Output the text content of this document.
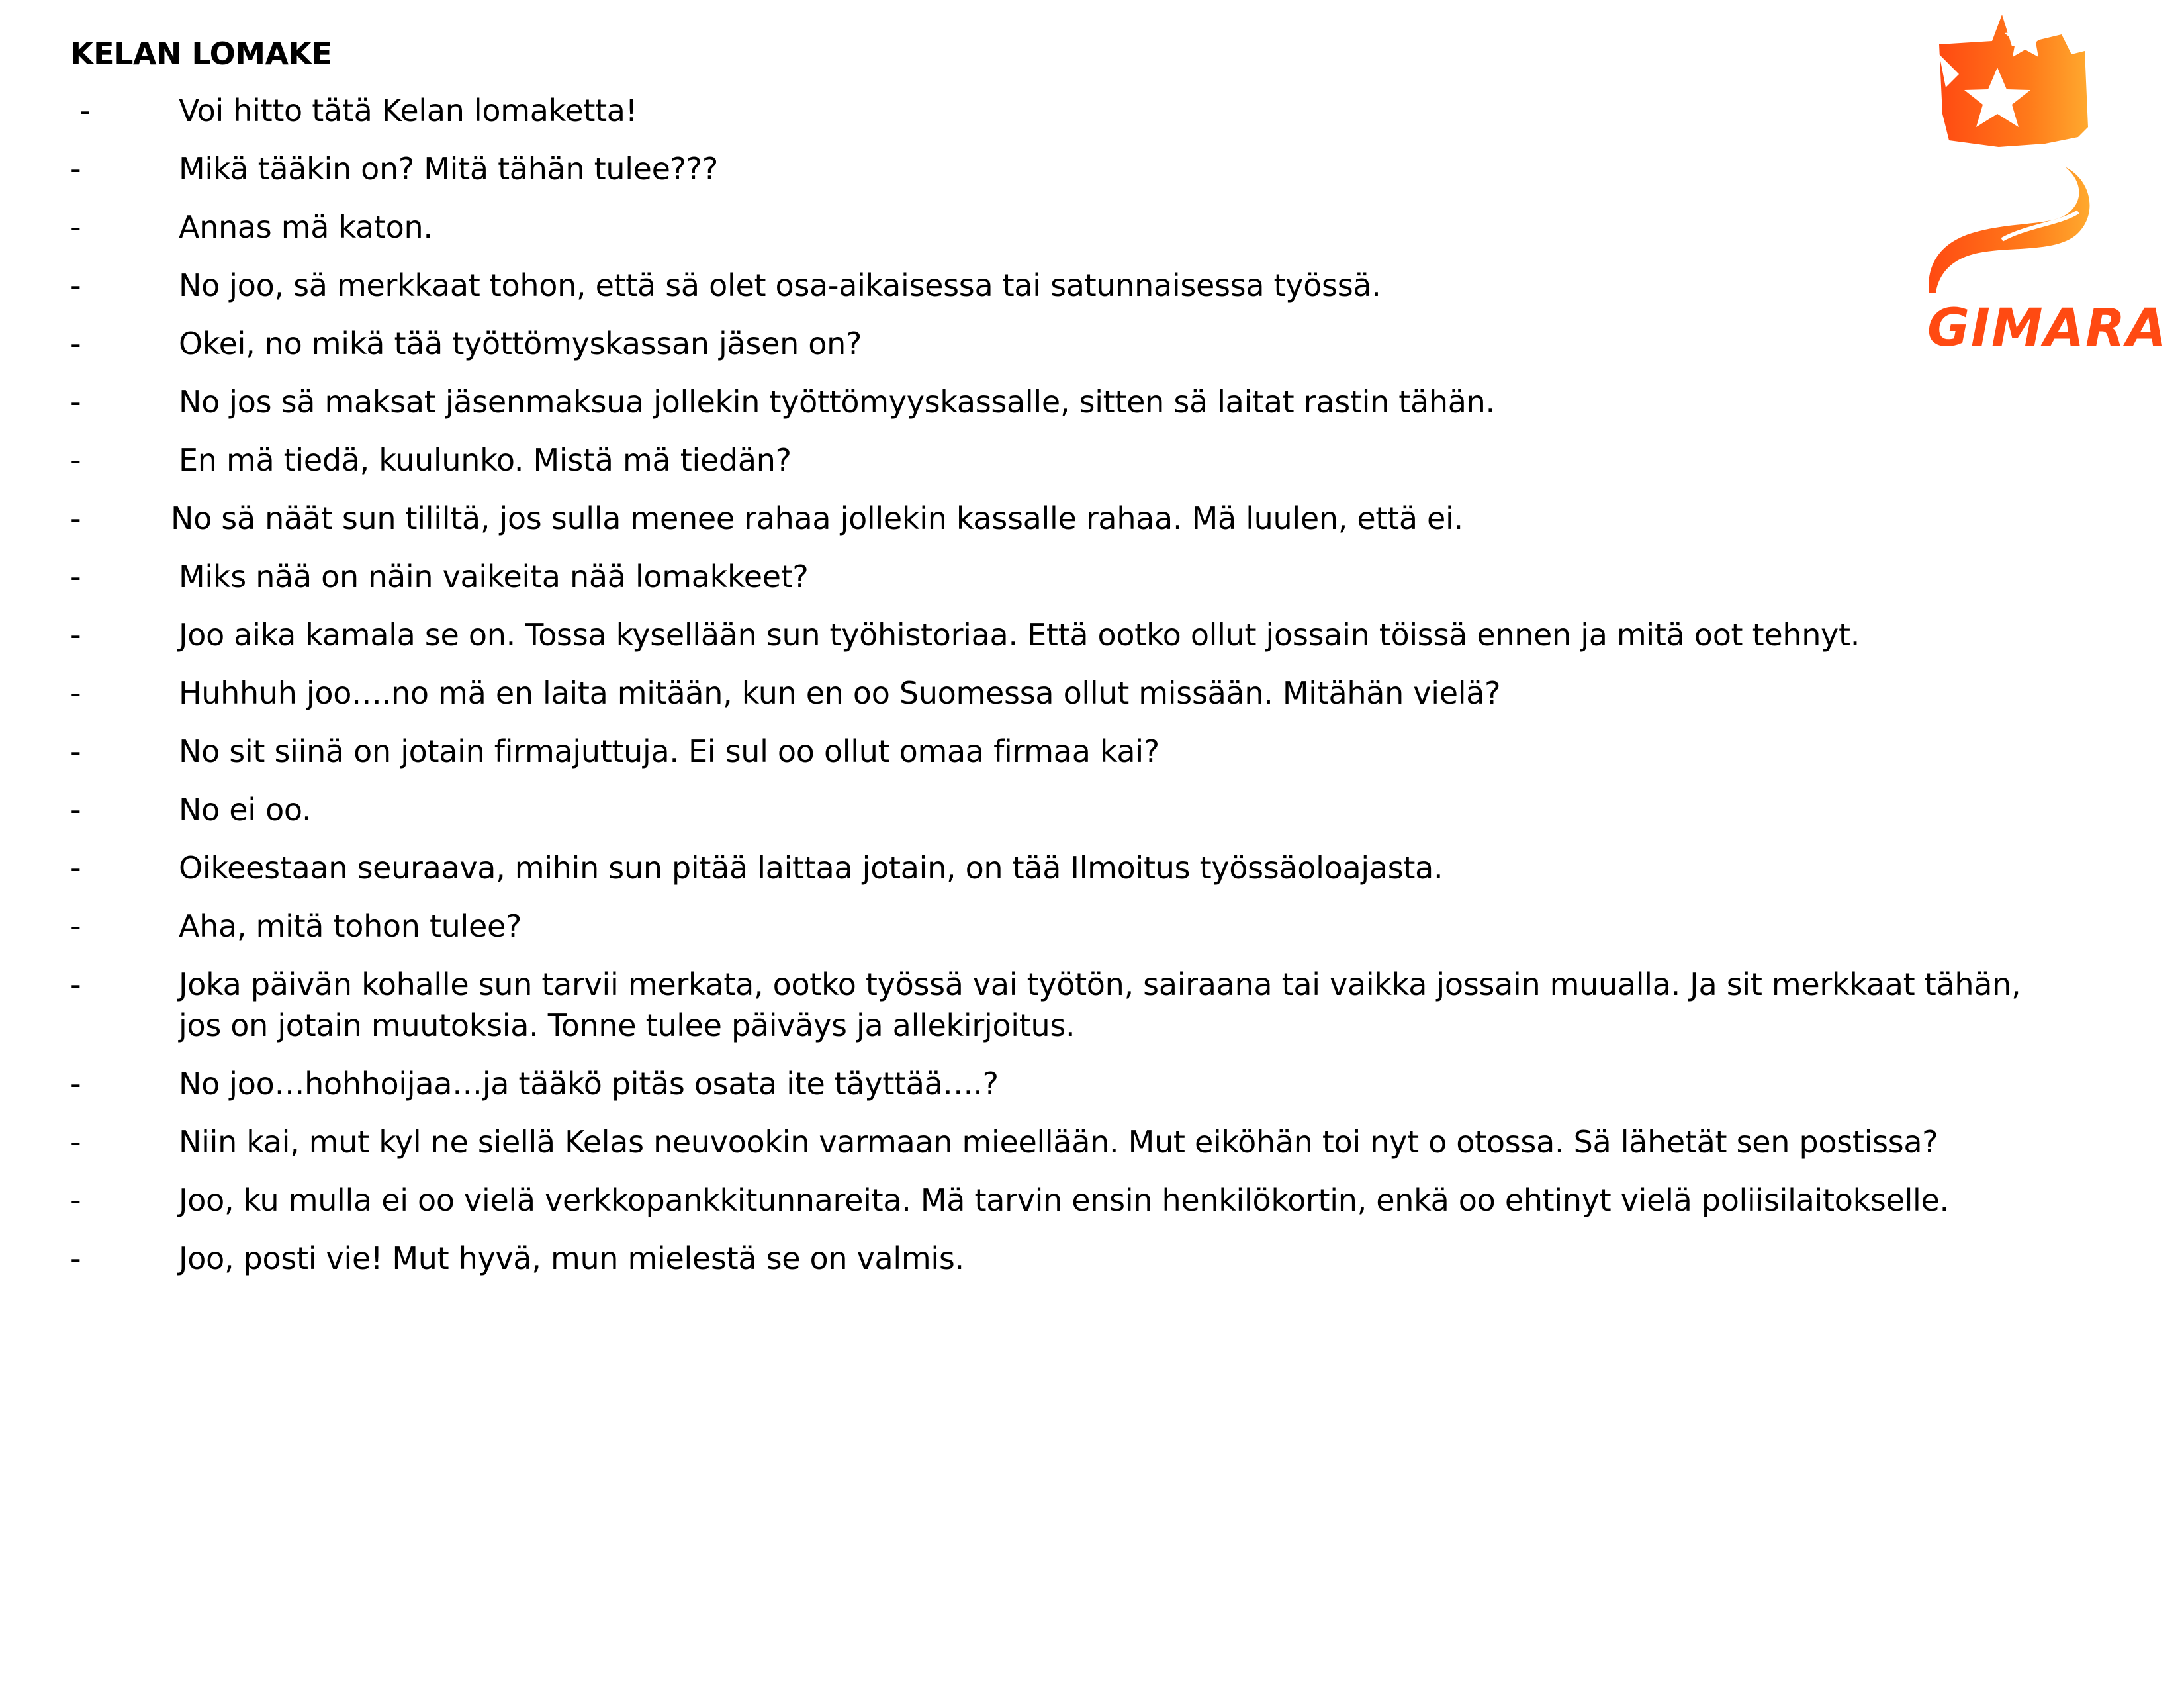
KELAN LOMAKE
-	Voi hitto tätä Kelan lomaketta!
-	Mikä tääkin on? Mitä tähän tulee???
-	Annas mä katon.
-	No joo, sä merkkaat tohon, että sä olet osa-aikaisessa tai satunnaisessa työssä.
-	Okei, no mikä tää työttömyskassan jäsen on?
-	No jos sä maksat jäsenmaksua jollekin työttömyyskassalle, sitten sä laitat rastin tähän.
-	En mä tiedä, kuulunko. Mistä mä tiedän?
-	No sä näät sun tililtä, jos sulla menee rahaa jollekin kassalle rahaa. Mä luulen, että ei.
-	Miks nää on näin vaikeita nää lomakkeet?
-	Joo aika kamala se on. Tossa kysellään sun työhistoriaa. Että ootko ollut jossain töissä ennen ja mitä oot tehnyt.
-	Huhhuh joo….no mä en laita mitään, kun en oo Suomessa ollut missään. Mitähän vielä?
-	No sit siinä on jotain firmajuttuja. Ei sul oo ollut omaa firmaa kai?
-	No ei oo.
-	Oikeestaan seuraava, mihin sun pitää laittaa jotain, on tää Ilmoitus työssäoloajasta.
-	Aha, mitä tohon tulee?
-	Joka päivän kohalle sun tarvii merkata, ootko työssä vai työtön, sairaana tai vaikka jossain muualla. Ja sit merkkaat tähän, jos on jotain muutoksia. Tonne tulee päiväys ja allekirjoitus.
-	No joo…hohhoijaa…ja tääkö pitäs osata ite täyttää….?
-	Niin kai, mut kyl ne siellä Kelas neuvookin varmaan mieellään. Mut eiköhän toi nyt o otossa. Sä lähetät sen postissa?
-	Joo, ku mulla ei oo vielä verkkopankkitunnareita. Mä tarvin ensin henkilökortin, enkä oo ehtinyt vielä poliisilaitokselle.
-	Joo, posti vie! Mut hyvä, mun mielestä se on valmis.
GIMARA
